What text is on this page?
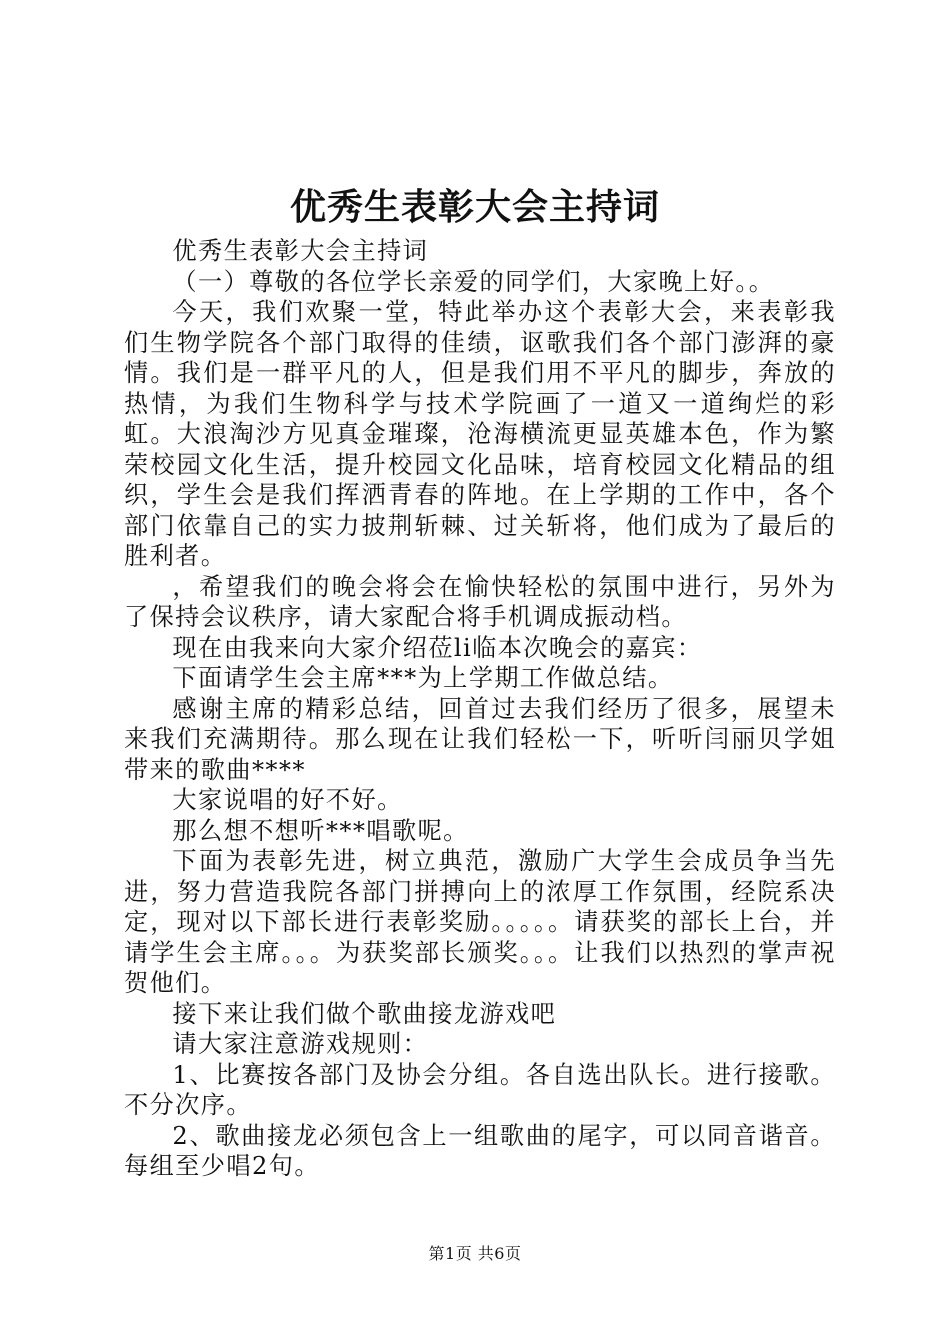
优秀生表彰大会主持词

优秀生表彰大会主持词

（一）尊敬的各位学长亲爱的同学们，大家晚上好。。

今天，我们欢聚一堂，特此举办这个表彰大会，来表彰我们生物学院各个部门取得的佳绩，讴歌我们各个部门澎湃的豪情。我们是一群平凡的人，但是我们用不平凡的脚步，奔放的热情，为我们生物科学与技术学院画了一道又一道绚烂的彩虹。大浪淘沙方见真金璀璨，沧海横流更显英雄本色，作为繁荣校园文化生活，提升校园文化品味，培育校园文化精品的组织，学生会是我们挥洒青春的阵地。在上学期的工作中，各个部门依靠自己的实力披荆斩棘、过关斩将，他们成为了最后的胜利者。

，希望我们的晚会将会在愉快轻松的氛围中进行，另外为了保持会议秩序，请大家配合将手机调成振动档。

现在由我来向大家介绍莅li临本次晚会的嘉宾：

下面请学生会主席***为上学期工作做总结。

感谢主席的精彩总结，回首过去我们经历了很多，展望未来我们充满期待。那么现在让我们轻松一下，听听闫丽贝学姐带来的歌曲****

大家说唱的好不好。

那么想不想听***唱歌呢。

下面为表彰先进，树立典范，激励广大学生会成员争当先进，努力营造我院各部门拼搏向上的浓厚工作氛围，经院系决定，现对以下部长进行表彰奖励。。。。。请获奖的部长上台，并请学生会主席。。。为获奖部长颁奖。。。让我们以热烈的掌声祝贺他们。

接下来让我们做个歌曲接龙游戏吧

请大家注意游戏规则：

1、比赛按各部门及协会分组。各自选出队长。进行接歌。不分次序。

2、歌曲接龙必须包含上一组歌曲的尾字，可以同音谐音。每组至少唱2句。

第1页 共6页
